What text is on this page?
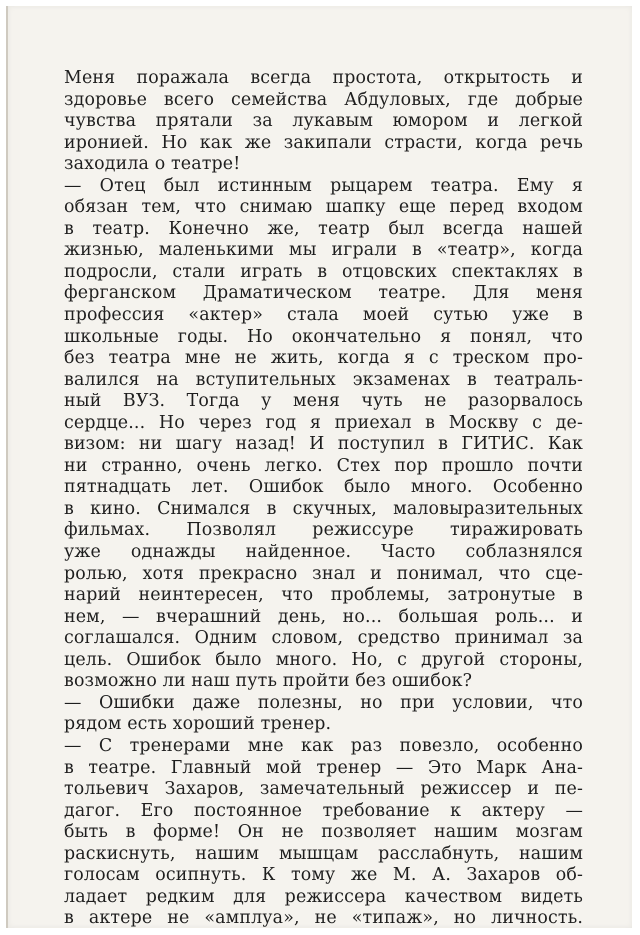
Меня поражала всегда простота, открытость и
здоровье всего семейства Абдуловых, где добрые
чувства прятали за лукавым юмором и легкой
иронией. Но как же закипали страсти, когда речь
заходила о театре!
— Отец был истинным рыцарем театра. Ему я
обязан тем, что снимаю шапку еще перед входом
в театр. Конечно же, театр был всегда нашей
жизнью, маленькими мы играли в «театр», когда
подросли, стали играть в отцовских спектаклях в
ферганском Драматическом театре. Для меня
профессия «актер» стала моей сутью уже в
школьные годы. Но окончательно я понял, что
без театра мне не жить, когда я с треском про-
валился на вступительных экзаменах в театраль-
ный ВУЗ. Тогда у меня чуть не разорвалось
сердце... Но через год я приехал в Москву с де-
визом: ни шагу назад! И поступил в ГИТИС. Как
ни странно, очень легко. Стех пор прошло почти
пятнадцать лет. Ошибок было много. Особенно
в кино. Снимался в скучных, маловыразительных
фильмах. Позволял режиссуре тиражировать
уже однажды найденное. Часто соблазнялся
ролью, хотя прекрасно знал и понимал, что сце-
нарий неинтересен, что проблемы, затронутые в
нем, — вчерашний день, но... большая роль... и
соглашался. Одним словом, средство принимал за
цель. Ошибок было много. Но, с другой стороны,
возможно ли наш путь пройти без ошибок?
— Ошибки даже полезны, но при условии, что
рядом есть хороший тренер.
— С тренерами мне как раз повезло, особенно
в театре. Главный мой тренер — Это Марк Ана-
тольевич Захаров, замечательный режиссер и пе-
дагог. Его постоянное требование к актеру —
быть в форме! Он не позволяет нашим мозгам
раскиснуть, нашим мышцам расслабнуть, нашим
голосам осипнуть. К тому же М. А. Захаров об-
ладает редким для режиссера качеством видеть
в актере не «амплуа», не «типаж», но личность.
